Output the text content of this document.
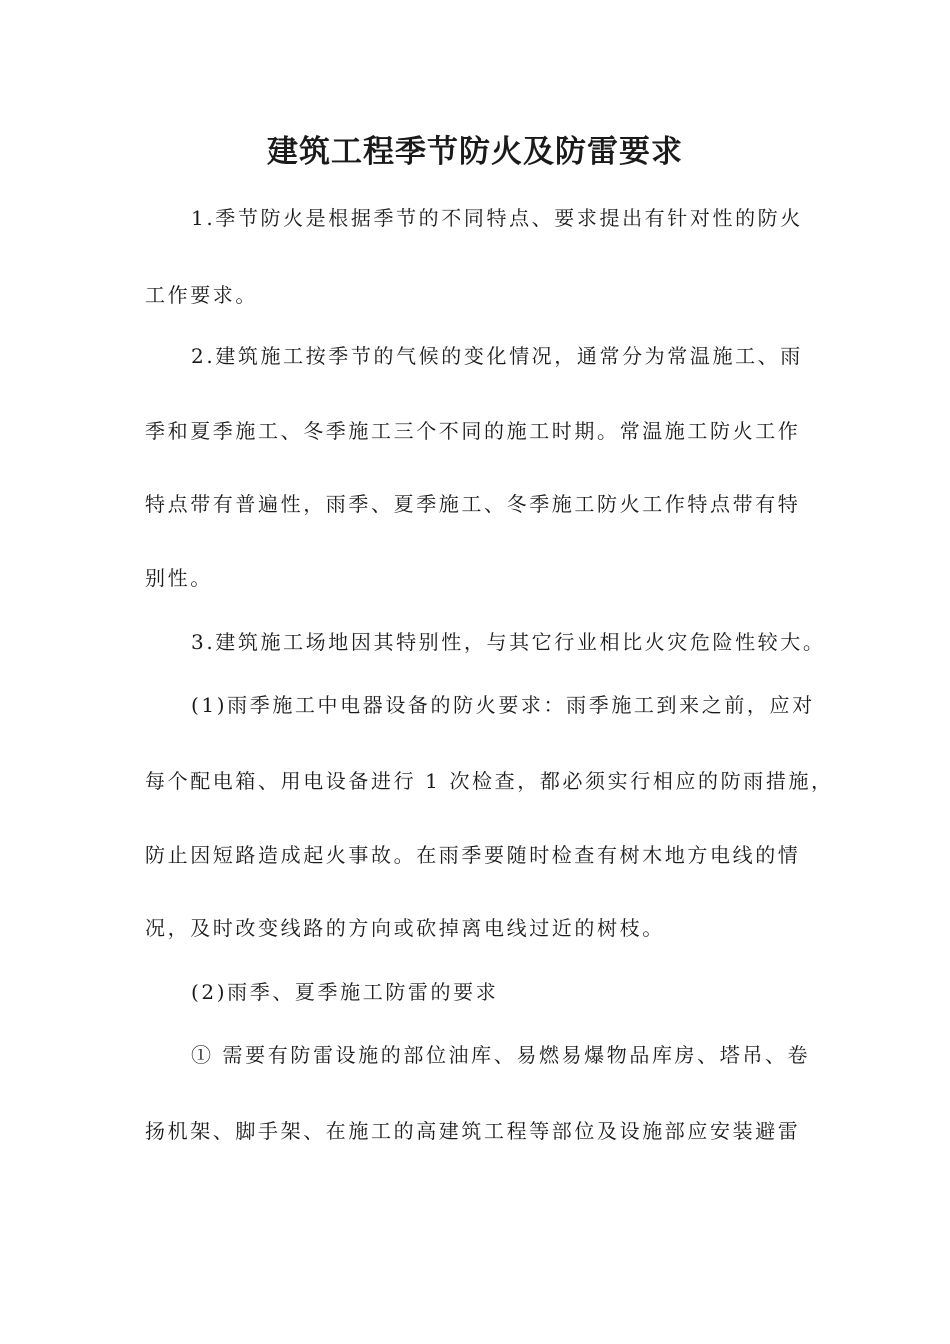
建筑工程季节防火及防雷要求
1.季节防火是根据季节的不同特点、要求提出有针对性的防火
工作要求。
2.建筑施工按季节的气候的变化情况，通常分为常温施工、雨
季和夏季施工、冬季施工三个不同的施工时期。常温施工防火工作
特点带有普遍性，雨季、夏季施工、冬季施工防火工作特点带有特
别性。
3.建筑施工场地因其特别性，与其它行业相比火灾危险性较大。
(1)雨季施工中电器设备的防火要求：雨季施工到来之前，应对
每个配电箱、用电设备进行 1 次检查，都必须实行相应的防雨措施，
防止因短路造成起火事故。在雨季要随时检查有树木地方电线的情
况，及时改变线路的方向或砍掉离电线过近的树枝。
(2)雨季、夏季施工防雷的要求
① 需要有防雷设施的部位油库、易燃易爆物品库房、塔吊、卷
扬机架、脚手架、在施工的高建筑工程等部位及设施部应安装避雷
